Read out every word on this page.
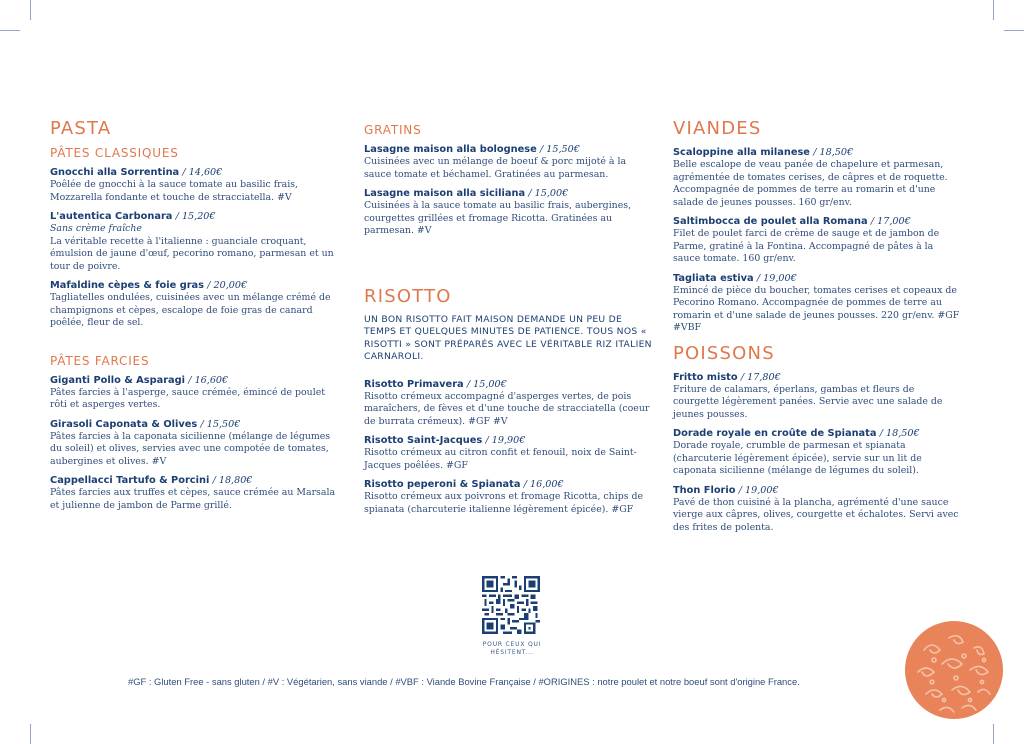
PASTA
PÂTES CLASSIQUES
Gnocchi alla Sorrentina / 14,60€
Poêlée de gnocchi à la sauce tomate au basilic frais, Mozzarella fondante et touche de stracciatella. #V
L'autentica Carbonara / 15,20€
Sans crème fraîche
La véritable recette à l'italienne : guanciale croquant, émulsion de jaune d'œuf, pecorino romano, parmesan et un tour de poivre.
Mafaldine cèpes & foie gras / 20,00€
Tagliatelles ondulées, cuisinées avec un mélange crémé de champignons et cèpes, escalope de foie gras de canard poêlée, fleur de sel.
PÂTES FARCIES
Giganti Pollo & Asparagi / 16,60€
Pâtes farcies à l'asperge, sauce crémée, émincé de poulet rôti et asperges vertes.
Girasoli Caponata & Olives / 15,50€
Pâtes farcies à la caponata sicilienne (mélange de légumes du soleil) et olives, servies avec une compotée de tomates, aubergines et olives. #V
Cappellacci Tartufo & Porcini / 18,80€
Pâtes farcies aux truffes et cèpes, sauce crémée au Marsala et julienne de jambon de Parme grillé.
GRATINS
Lasagne maison alla bolognese / 15,50€
Cuisinées avec un mélange de boeuf & porc mijoté à la sauce tomate et béchamel. Gratinées au parmesan.
Lasagne maison alla siciliana / 15,00€
Cuisinées à la sauce tomate au basilic frais, aubergines, courgettes grillées et fromage Ricotta. Gratinées au parmesan. #V
RISOTTO
UN BON RISOTTO FAIT MAISON DEMANDE UN PEU DE TEMPS ET QUELQUES MINUTES DE PATIENCE. TOUS NOS « RISOTTI » SONT PRÉPARÉS AVEC LE VÉRITABLE RIZ ITALIEN CARNAROLI.
Risotto Primavera / 15,00€
Risotto crémeux accompagné d'asperges vertes, de pois maraîchers, de fèves et d'une touche de stracciatella (coeur de burrata crémeux). #GF #V
Risotto Saint-Jacques / 19,90€
Risotto crémeux au citron confit et fenouil, noix de Saint-Jacques poêlées. #GF
Risotto peperoni & Spianata / 16,00€
Risotto crémeux aux poivrons et fromage Ricotta, chips de spianata (charcuterie italienne légèrement épicée). #GF
VIANDES
Scaloppine alla milanese / 18,50€
Belle escalope de veau panée de chapelure et parmesan, agrémentée de tomates cerises, de câpres et de roquette. Accompagnée de pommes de terre au romarin et d'une salade de jeunes pousses. 160 gr/env.
Saltimbocca de poulet alla Romana / 17,00€
Filet de poulet farci de crème de sauge et de jambon de Parme, gratiné à la Fontina. Accompagné de pâtes à la sauce tomate. 160 gr/env.
Tagliata estiva / 19,00€
Emincé de pièce du boucher, tomates cerises et copeaux de Pecorino Romano. Accompagnée de pommes de terre au romarin et d'une salade de jeunes pousses. 220 gr/env. #GF #VBF
POISSONS
Fritto misto / 17,80€
Friture de calamars, éperlans, gambas et fleurs de courgette légèrement panées. Servie avec une salade de jeunes pousses.
Dorade royale en croûte de Spianata / 18,50€
Dorade royale, crumble de parmesan et spianata (charcuterie légèrement épicée), servie sur un lit de caponata sicilienne (mélange de légumes du soleil).
Thon Florio / 19,00€
Pavé de thon cuisiné à la plancha, agrémenté d'une sauce vierge aux câpres, olives, courgette et échalotes. Servi avec des frites de polenta.
POUR CEUX QUI HÉSITENT...
#GF : Gluten Free - sans gluten / #V : Végétarien, sans viande / #VBF : Viande Bovine Française / #ORIGINES : notre poulet et notre boeuf sont d'origine France.
